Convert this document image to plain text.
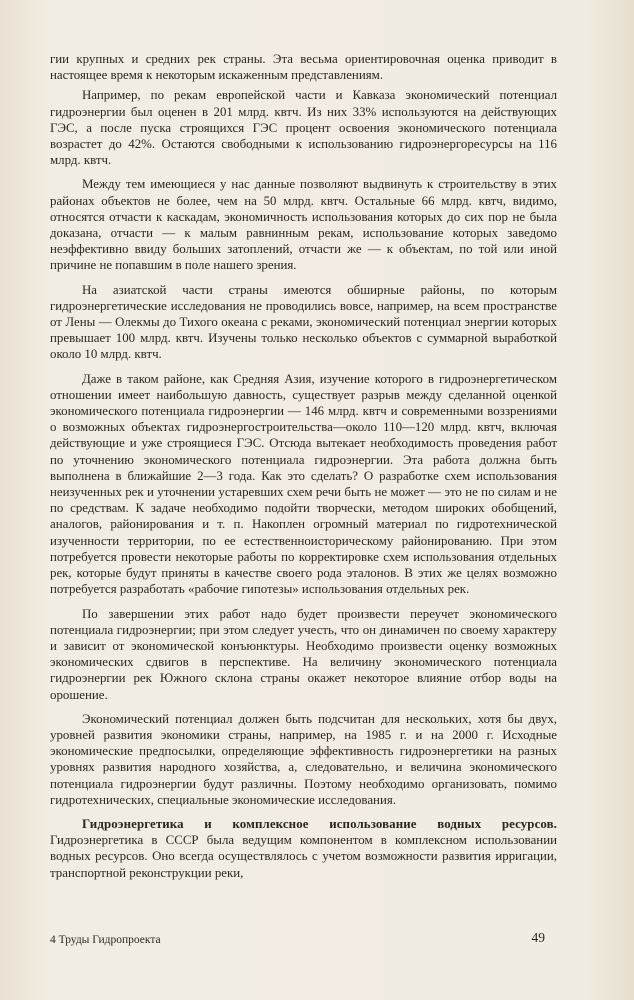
гии крупных и средних рек страны. Эта весьма ориентировочная оценка приводит в настоящее время к некоторым искаженным представлениям.

Например, по рекам европейской части и Кавказа экономический потенциал гидроэнергии был оценен в 201 млрд. квтч. Из них 33% используются на действующих ГЭС, а после пуска строящихся ГЭС процент освоения экономического потенциала возрастет до 42%. Остаются свободными к использованию гидроэнергоресурсы на 116 млрд. квтч.

Между тем имеющиеся у нас данные позволяют выдвинуть к строительству в этих районах объектов не более, чем на 50 млрд. квтч. Остальные 66 млрд. квтч, видимо, относятся отчасти к каскадам, экономичность использования которых до сих пор не была доказана, отчасти — к малым равнинным рекам, использование которых заведомо неэффективно ввиду больших затоплений, отчасти же — к объектам, по той или иной причине не попавшим в поле нашего зрения.

На азиатской части страны имеются обширные районы, по которым гидроэнергетические исследования не проводились вовсе, например, на всем пространстве от Лены — Олекмы до Тихого океана с реками, экономический потенциал энергии которых превышает 100 млрд. квтч. Изучены только несколько объектов с суммарной выработкой около 10 млрд. квтч.

Даже в таком районе, как Средняя Азия, изучение которого в гидроэнергетическом отношении имеет наибольшую давность, существует разрыв между сделанной оценкой экономического потенциала гидроэнергии — 146 млрд. квтч и современными воззрениями о возможных объектах гидроэнергостроительства—около 110—120 млрд. квтч, включая действующие и уже строящиеся ГЭС. Отсюда вытекает необходимость проведения работ по уточнению экономического потенциала гидроэнергии. Эта работа должна быть выполнена в ближайшие 2—3 года. Как это сделать? О разработке схем использования неизученных рек и уточнении устаревших схем речи быть не может — это не по силам и не по средствам. К задаче необходимо подойти творчески, методом широких обобщений, аналогов, районирования и т. п. Накоплен огромный материал по гидротехнической изученности территории, по ее естественноисторическому районированию. При этом потребуется провести некоторые работы по корректировке схем использования отдельных рек, которые будут приняты в качестве своего рода эталонов. В этих же целях возможно потребуется разработать «рабочие гипотезы» использования отдельных рек.

По завершении этих работ надо будет произвести переучет экономического потенциала гидроэнергии; при этом следует учесть, что он динамичен по своему характеру и зависит от экономической конъюнктуры. Необходимо произвести оценку возможных экономических сдвигов в перспективе. На величину экономического потенциала гидроэнергии рек Южного склона страны окажет некоторое влияние отбор воды на орошение.

Экономический потенциал должен быть подсчитан для нескольких, хотя бы двух, уровней развития экономики страны, например, на 1985 г. и на 2000 г. Исходные экономические предпосылки, определяющие эффективность гидроэнергетики на разных уровнях развития народного хозяйства, а, следовательно, и величина экономического потенциала гидроэнергии будут различны. Поэтому необходимо организовать, помимо гидротехнических, специальные экономические исследования.

Гидроэнергетика и комплексное использование водных ресурсов. Гидроэнергетика в СССР была ведущим компонентом в комплексном использовании водных ресурсов. Оно всегда осуществлялось с учетом возможности развития ирригации, транспортной реконструкции реки,

4 Труды Гидропроекта	49
